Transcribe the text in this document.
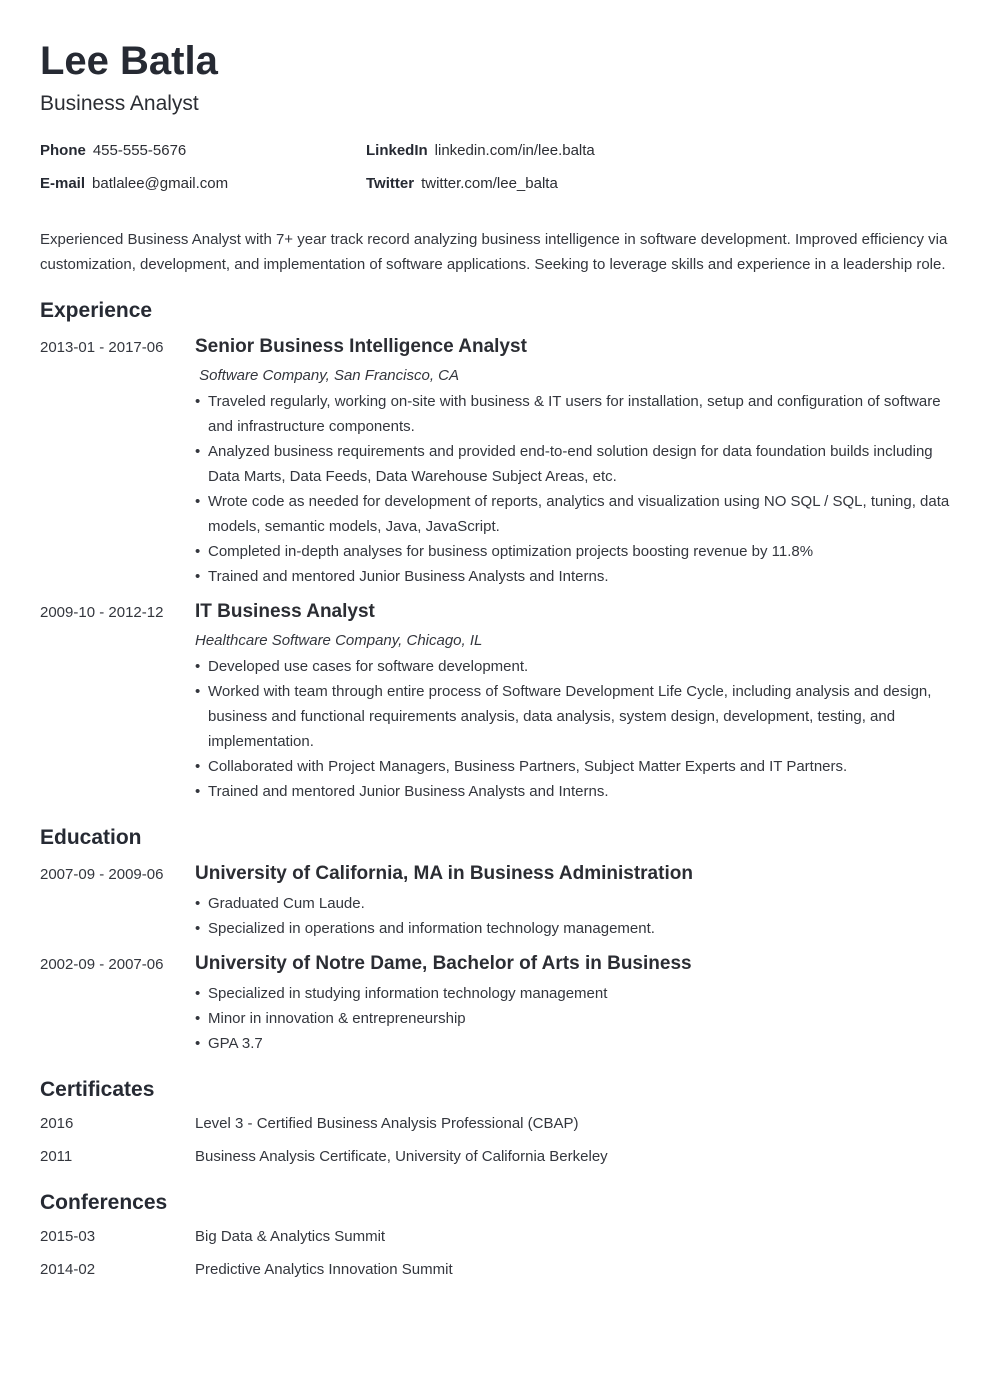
Lee Batla
Business Analyst
Phone 455-555-5676
E-mail batlalee@gmail.com
LinkedIn linkedin.com/in/lee.balta
Twitter twitter.com/lee_balta
Experienced Business Analyst with 7+ year track record analyzing business intelligence in software development. Improved efficiency via customization, development, and implementation of software applications. Seeking to leverage skills and experience in a leadership role.
Experience
2013-01 - 2017-06 Senior Business Intelligence Analyst
Software Company, San Francisco, CA
• Traveled regularly, working on-site with business & IT users for installation, setup and configuration of software and infrastructure components.
• Analyzed business requirements and provided end-to-end solution design for data foundation builds including Data Marts, Data Feeds, Data Warehouse Subject Areas, etc.
• Wrote code as needed for development of reports, analytics and visualization using NO SQL / SQL, tuning, data models, semantic models, Java, JavaScript.
• Completed in-depth analyses for business optimization projects boosting revenue by 11.8%
• Trained and mentored Junior Business Analysts and Interns.
2009-10 - 2012-12 IT Business Analyst
Healthcare Software Company, Chicago, IL
• Developed use cases for software development.
• Worked with team through entire process of Software Development Life Cycle, including analysis and design, business and functional requirements analysis, data analysis, system design, development, testing, and implementation.
• Collaborated with Project Managers, Business Partners, Subject Matter Experts and IT Partners.
• Trained and mentored Junior Business Analysts and Interns.
Education
2007-09 - 2009-06 University of California, MA in Business Administration
• Graduated Cum Laude.
• Specialized in operations and information technology management.
2002-09 - 2007-06 University of Notre Dame, Bachelor of Arts in Business
• Specialized in studying information technology management
• Minor in innovation & entrepreneurship
• GPA 3.7
Certificates
2016	Level 3 - Certified Business Analysis Professional (CBAP)
2011	Business Analysis Certificate, University of California Berkeley
Conferences
2015-03	Big Data & Analytics Summit
2014-02	Predictive Analytics Innovation Summit
